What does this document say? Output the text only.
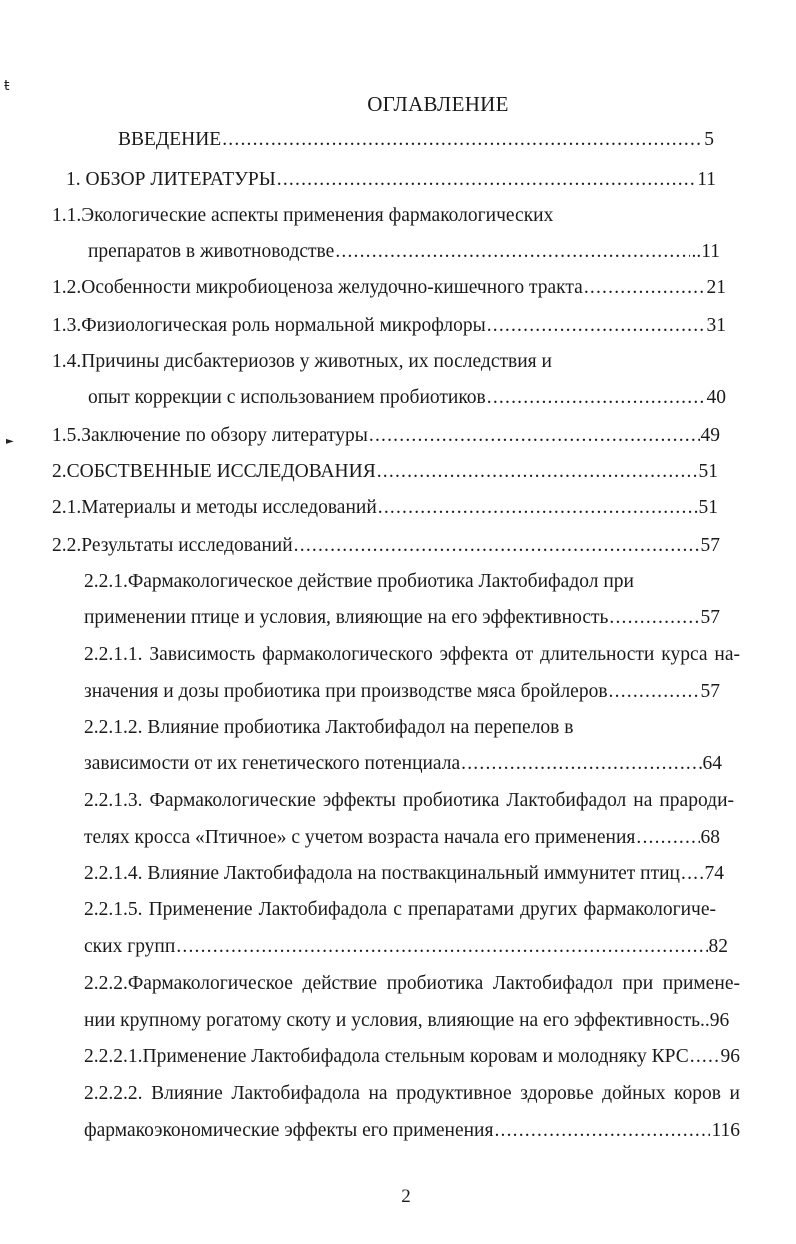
ŧ
►
ОГЛАВЛЕНИЕ
ВВЕДЕНИЕ .....	5
1. ОБЗОР ЛИТЕРАТУРЫ .....	11
1.1.Экологические аспекты применения фармакологических
препаратов в животноводстве .....	..11
1.2.Особенности микробиоценоза желудочно-кишечного тракта .....	21
1.3.Физиологическая роль нормальной микрофлоры .....	31
1.4.Причины дисбактериозов у животных, их последствия и
опыт коррекции с использованием пробиотиков .....	40
1.5.Заключение по обзору литературы .....	49
2.СОБСТВЕННЫЕ ИССЛЕДОВАНИЯ .....	51
2.1.Материалы и методы исследований .....	51
2.2.Результаты исследований .....	57
2.2.1.Фармакологическое действие пробиотика Лактобифадол при
применении птице и условия, влияющие на его эффективность .....	57
2.2.1.1. Зависимость фармакологического эффекта от длительности курса на-
значения и дозы пробиотика при производстве мяса бройлеров .....	57
2.2.1.2. Влияние пробиотика Лактобифадол на перепелов в
зависимости от их генетического потенциала .....	64
2.2.1.3. Фармакологические эффекты пробиотика Лактобифадол на прароди-
телях кросса «Птичное» с учетом возраста начала его применения .....	68
2.2.1.4. Влияние Лактобифадола на поствакцинальный иммунитет птиц ..... 74
2.2.1.5. Применение Лактобифадола с препаратами других фармакологиче-
ских групп .....	82
2.2.2.Фармакологическое действие пробиотика Лактобифадол при примене-
нии крупному рогатому скоту и условия, влияющие на его эффективность.. 96
2.2.2.1.Применение Лактобифадола стельным коровам и молодняку КРС ..... 96
2.2.2.2. Влияние Лактобифадола на продуктивное здоровье дойных коров и
фармакоэкономические эффекты его применения .....	116
2
